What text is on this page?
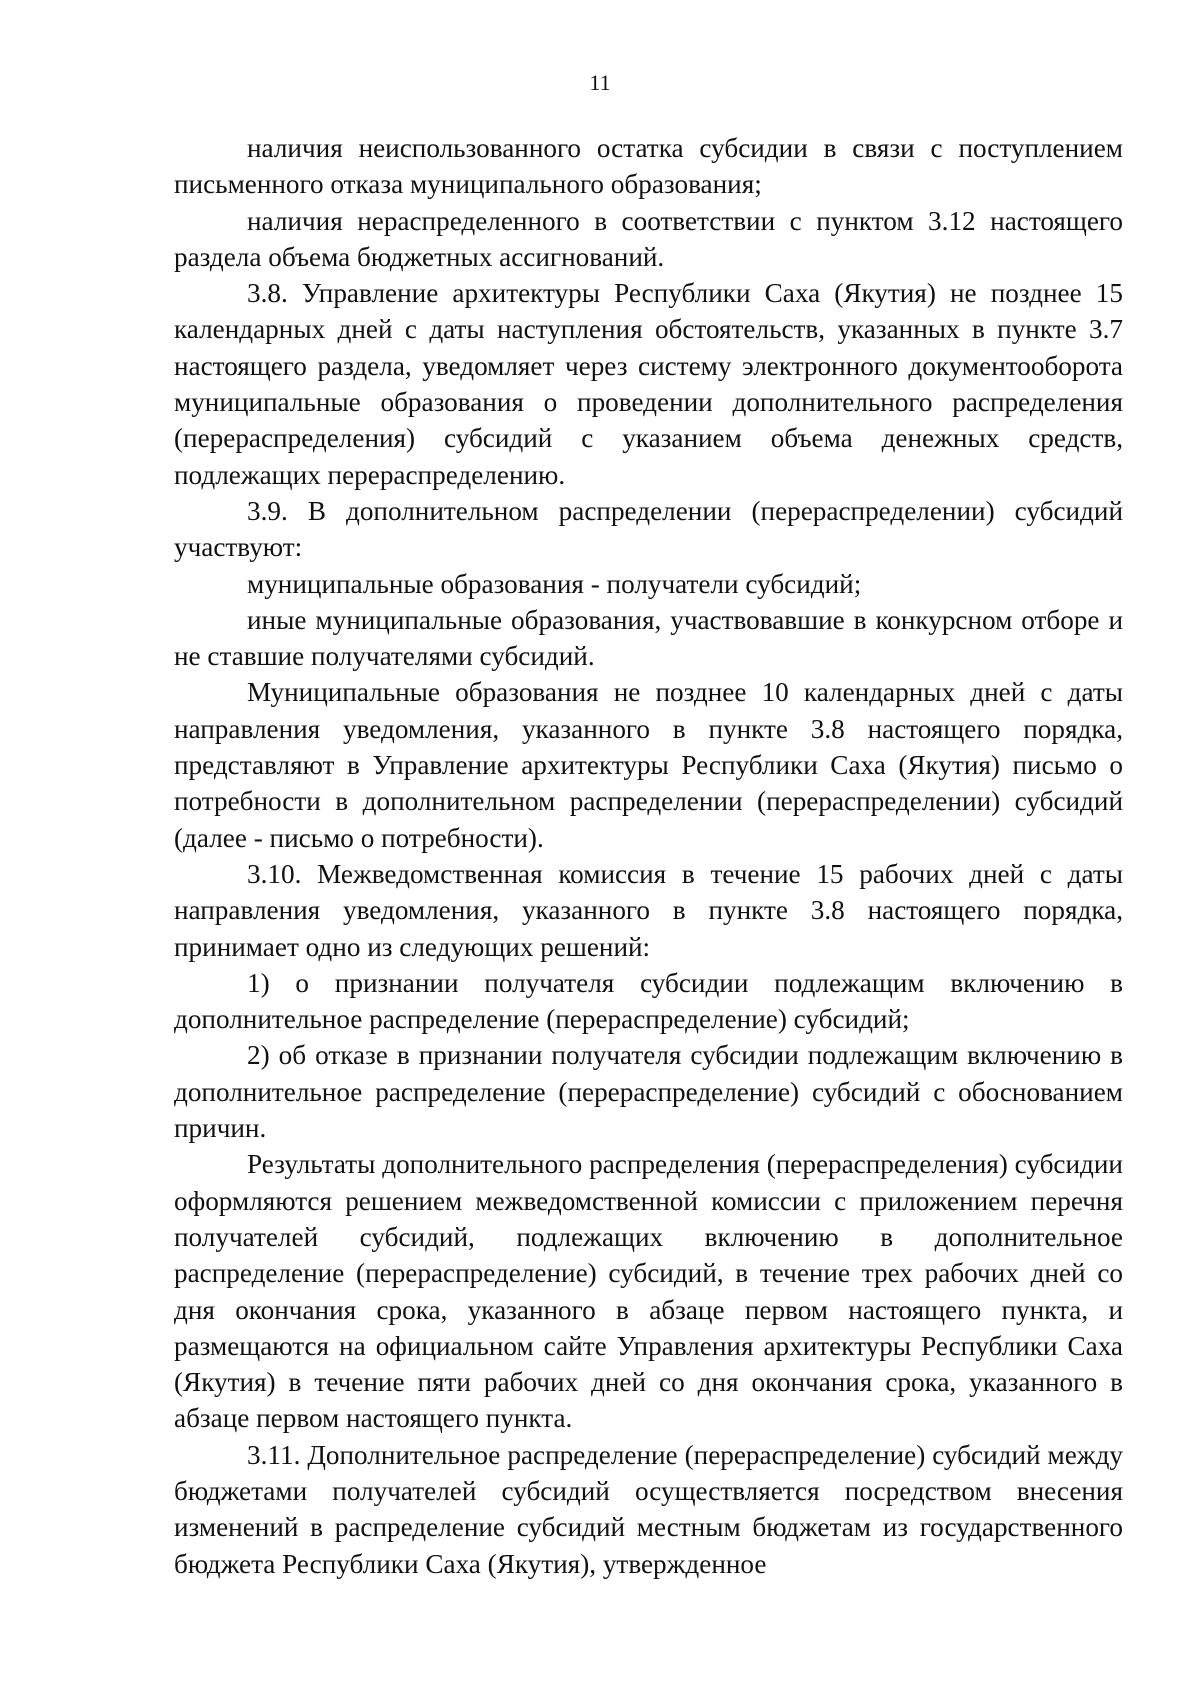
11

наличия неиспользованного остатка субсидии в связи с поступлением письменного отказа муниципального образования;

наличия нераспределенного в соответствии с пунктом 3.12 настоящего раздела объема бюджетных ассигнований.

3.8. Управление архитектуры Республики Саха (Якутия) не позднее 15 календарных дней с даты наступления обстоятельств, указанных в пункте 3.7 настоящего раздела, уведомляет через систему электронного документооборота муниципальные образования о проведении дополнительного распределения (перераспределения) субсидий с указанием объема денежных средств, подлежащих перераспределению.

3.9. В дополнительном распределении (перераспределении) субсидий участвуют:

муниципальные образования - получатели субсидий;

иные муниципальные образования, участвовавшие в конкурсном отборе и не ставшие получателями субсидий.

Муниципальные образования не позднее 10 календарных дней с даты направления уведомления, указанного в пункте 3.8 настоящего порядка, представляют в Управление архитектуры Республики Саха (Якутия) письмо о потребности в дополнительном распределении (перераспределении) субсидий (далее - письмо о потребности).

3.10. Межведомственная комиссия в течение 15 рабочих дней с даты направления уведомления, указанного в пункте 3.8 настоящего порядка, принимает одно из следующих решений:

1) о признании получателя субсидии подлежащим включению в дополнительное распределение (перераспределение) субсидий;

2) об отказе в признании получателя субсидии подлежащим включению в дополнительное распределение (перераспределение) субсидий с обоснованием причин.

Результаты дополнительного распределения (перераспределения) субсидии оформляются решением межведомственной комиссии с приложением перечня получателей субсидий, подлежащих включению в дополнительное распределение (перераспределение) субсидий, в течение трех рабочих дней со дня окончания срока, указанного в абзаце первом настоящего пункта, и размещаются на официальном сайте Управления архитектуры Республики Саха (Якутия) в течение пяти рабочих дней со дня окончания срока, указанного в абзаце первом настоящего пункта.

3.11. Дополнительное распределение (перераспределение) субсидий между бюджетами получателей субсидий осуществляется посредством внесения изменений в распределение субсидий местным бюджетам из государственного бюджета Республики Саха (Якутия), утвержденное
